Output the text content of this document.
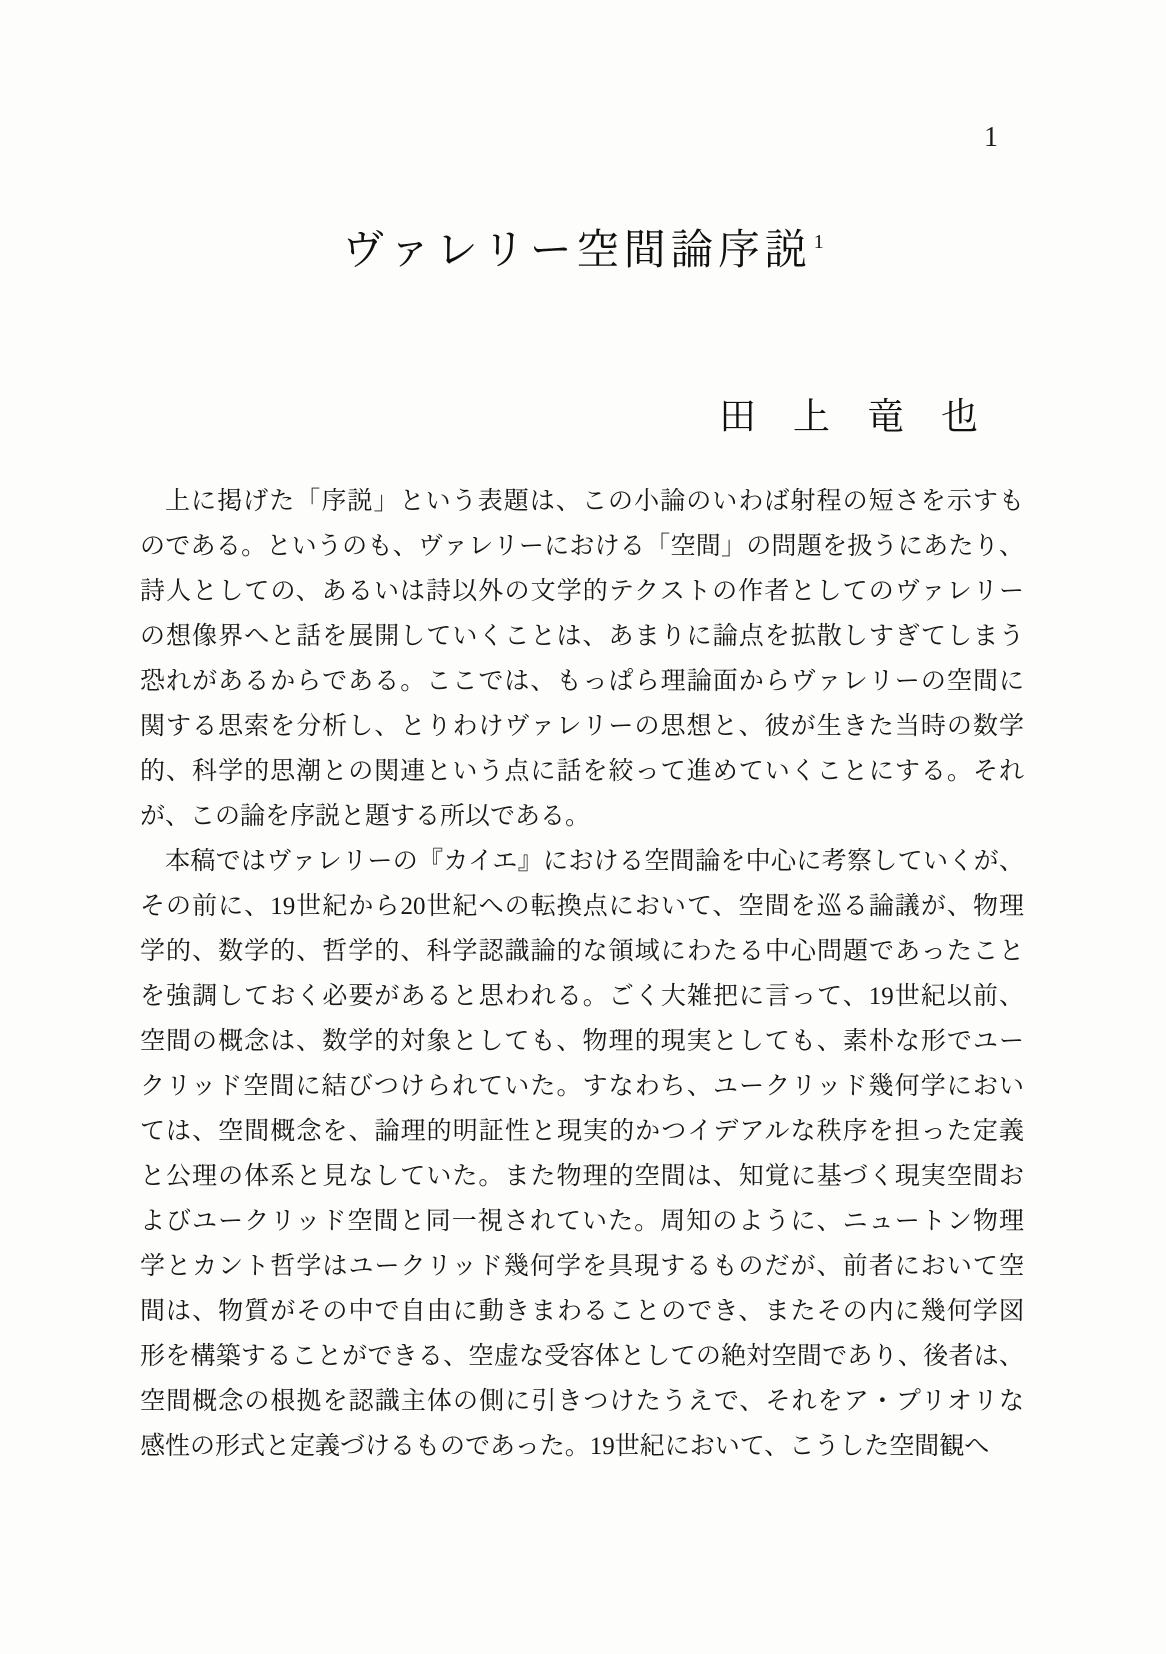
1
ヴァレリー空間論序説 $^1$
田　上　竜　也
上に掲げた「序説」という表題は、この小論のいわば射程の短さを示すも
のである。というのも、ヴァレリーにおける「空間」の問題を扱うにあたり、
詩人としての、あるいは詩以外の文学的テクストの作者としてのヴァレリー
の想像界へと話を展開していくことは、あまりに論点を拡散しすぎてしまう
恐れがあるからである。ここでは、もっぱら理論面からヴァレリーの空間に
関する思索を分析し、とりわけヴァレリーの思想と、彼が生きた当時の数学
的、科学的思潮との関連という点に話を絞って進めていくことにする。それ
が、この論を序説と題する所以である。
本稿ではヴァレリーの『カイエ』における空間論を中心に考察していくが、
その前に、19世紀から20世紀への転換点において、空間を巡る論議が、物理
学的、数学的、哲学的、科学認識論的な領域にわたる中心問題であったこと
を強調しておく必要があると思われる。ごく大雑把に言って、19世紀以前、
空間の概念は、数学的対象としても、物理的現実としても、素朴な形でユー
クリッド空間に結びつけられていた。すなわち、ユークリッド幾何学におい
ては、空間概念を、論理的明証性と現実的かつイデアルな秩序を担った定義
と公理の体系と見なしていた。また物理的空間は、知覚に基づく現実空間お
よびユークリッド空間と同一視されていた。周知のように、ニュートン物理
学とカント哲学はユークリッド幾何学を具現するものだが、前者において空
間は、物質がその中で自由に動きまわることのでき、またその内に幾何学図
形を構築することができる、空虚な受容体としての絶対空間であり、後者は、
空間概念の根拠を認識主体の側に引きつけたうえで、それをア・プリオリな
感性の形式と定義づけるものであった。19世紀において、こうした空間観へ
